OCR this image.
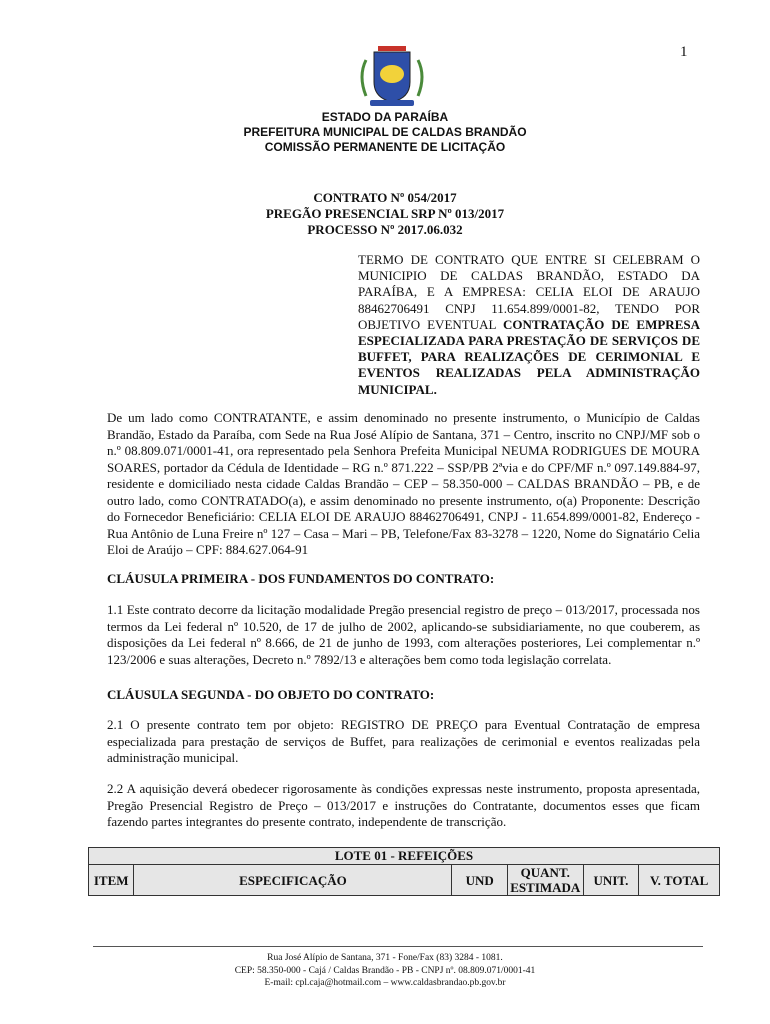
1
ESTADO DA PARAÍBA
PREFEITURA MUNICIPAL DE CALDAS BRANDÃO
COMISSÃO PERMANENTE DE LICITAÇÃO
CONTRATO Nº 054/2017
PREGÃO PRESENCIAL SRP Nº 013/2017
PROCESSO Nº 2017.06.032
TERMO DE CONTRATO QUE ENTRE SI CELEBRAM O MUNICIPIO DE CALDAS BRANDÃO, ESTADO DA PARAÍBA, E A EMPRESA: CELIA ELOI DE ARAUJO 88462706491 CNPJ 11.654.899/0001-82, TENDO POR OBJETIVO EVENTUAL CONTRATAÇÃO DE EMPRESA ESPECIALIZADA PARA PRESTAÇÃO DE SERVIÇOS DE BUFFET, PARA REALIZAÇÕES DE CERIMONIAL E EVENTOS REALIZADAS PELA ADMINISTRAÇÃO MUNICIPAL.

De um lado como CONTRATANTE, e assim denominado no presente instrumento, o Município de Caldas Brandão, Estado da Paraíba, com Sede na Rua José Alípio de Santana, 371 – Centro, inscrito no CNPJ/MF sob o n.º 08.809.071/0001-41, ora representado pela Senhora Prefeita Municipal NEUMA RODRIGUES DE MOURA SOARES, portador da Cédula de Identidade – RG n.º 871.222 – SSP/PB 2ªvia e do CPF/MF n.º 097.149.884-97, residente e domiciliado nesta cidade Caldas Brandão – CEP – 58.350-000 – CALDAS BRANDÃO – PB, e de outro lado, como CONTRATADO(a), e assim denominado no presente instrumento, o(a) Proponente: Descrição do Fornecedor Beneficiário: CELIA ELOI DE ARAUJO 88462706491, CNPJ - 11.654.899/0001-82, Endereço - Rua Antônio de Luna Freire nº 127 – Casa – Mari – PB, Telefone/Fax 83-3278 – 1220, Nome do Signatário Celia Eloi de Araújo – CPF: 884.627.064-91

CLÁUSULA PRIMEIRA - DOS FUNDAMENTOS DO CONTRATO:

1.1 Este contrato decorre da licitação modalidade Pregão presencial registro de preço – 013/2017, processada nos termos da Lei federal nº 10.520, de 17 de julho de 2002, aplicando-se subsidiariamente, no que couberem, as disposições da Lei federal nº 8.666, de 21 de junho de 1993, com alterações posteriores, Lei complementar n.º 123/2006 e suas alterações, Decreto n.º 7892/13 e alterações bem como toda legislação correlata.

CLÁUSULA SEGUNDA - DO OBJETO DO CONTRATO:

2.1 O presente contrato tem por objeto: REGISTRO DE PREÇO para Eventual Contratação de empresa especializada para prestação de serviços de Buffet, para realizações de cerimonial e eventos realizadas pela administração municipal.

2.2 A aquisição deverá obedecer rigorosamente às condições expressas neste instrumento, proposta apresentada, Pregão Presencial Registro de Preço – 013/2017 e instruções do Contratante, documentos esses que ficam fazendo partes integrantes do presente contrato, independente de transcrição.

LOTE 01 - REFEIÇÕES
ITEM	ESPECIFICAÇÃO	UND	QUANT. ESTIMADA	UNIT.	V. TOTAL
Rua José Alípio de Santana, 371 - Fone/Fax (83) 3284 - 1081.
CEP: 58.350-000 - Cajá / Caldas Brandão - PB - CNPJ nº. 08.809.071/0001-41
E-mail: cpl.caja@hotmail.com – www.caldasbrandao.pb.gov.br
